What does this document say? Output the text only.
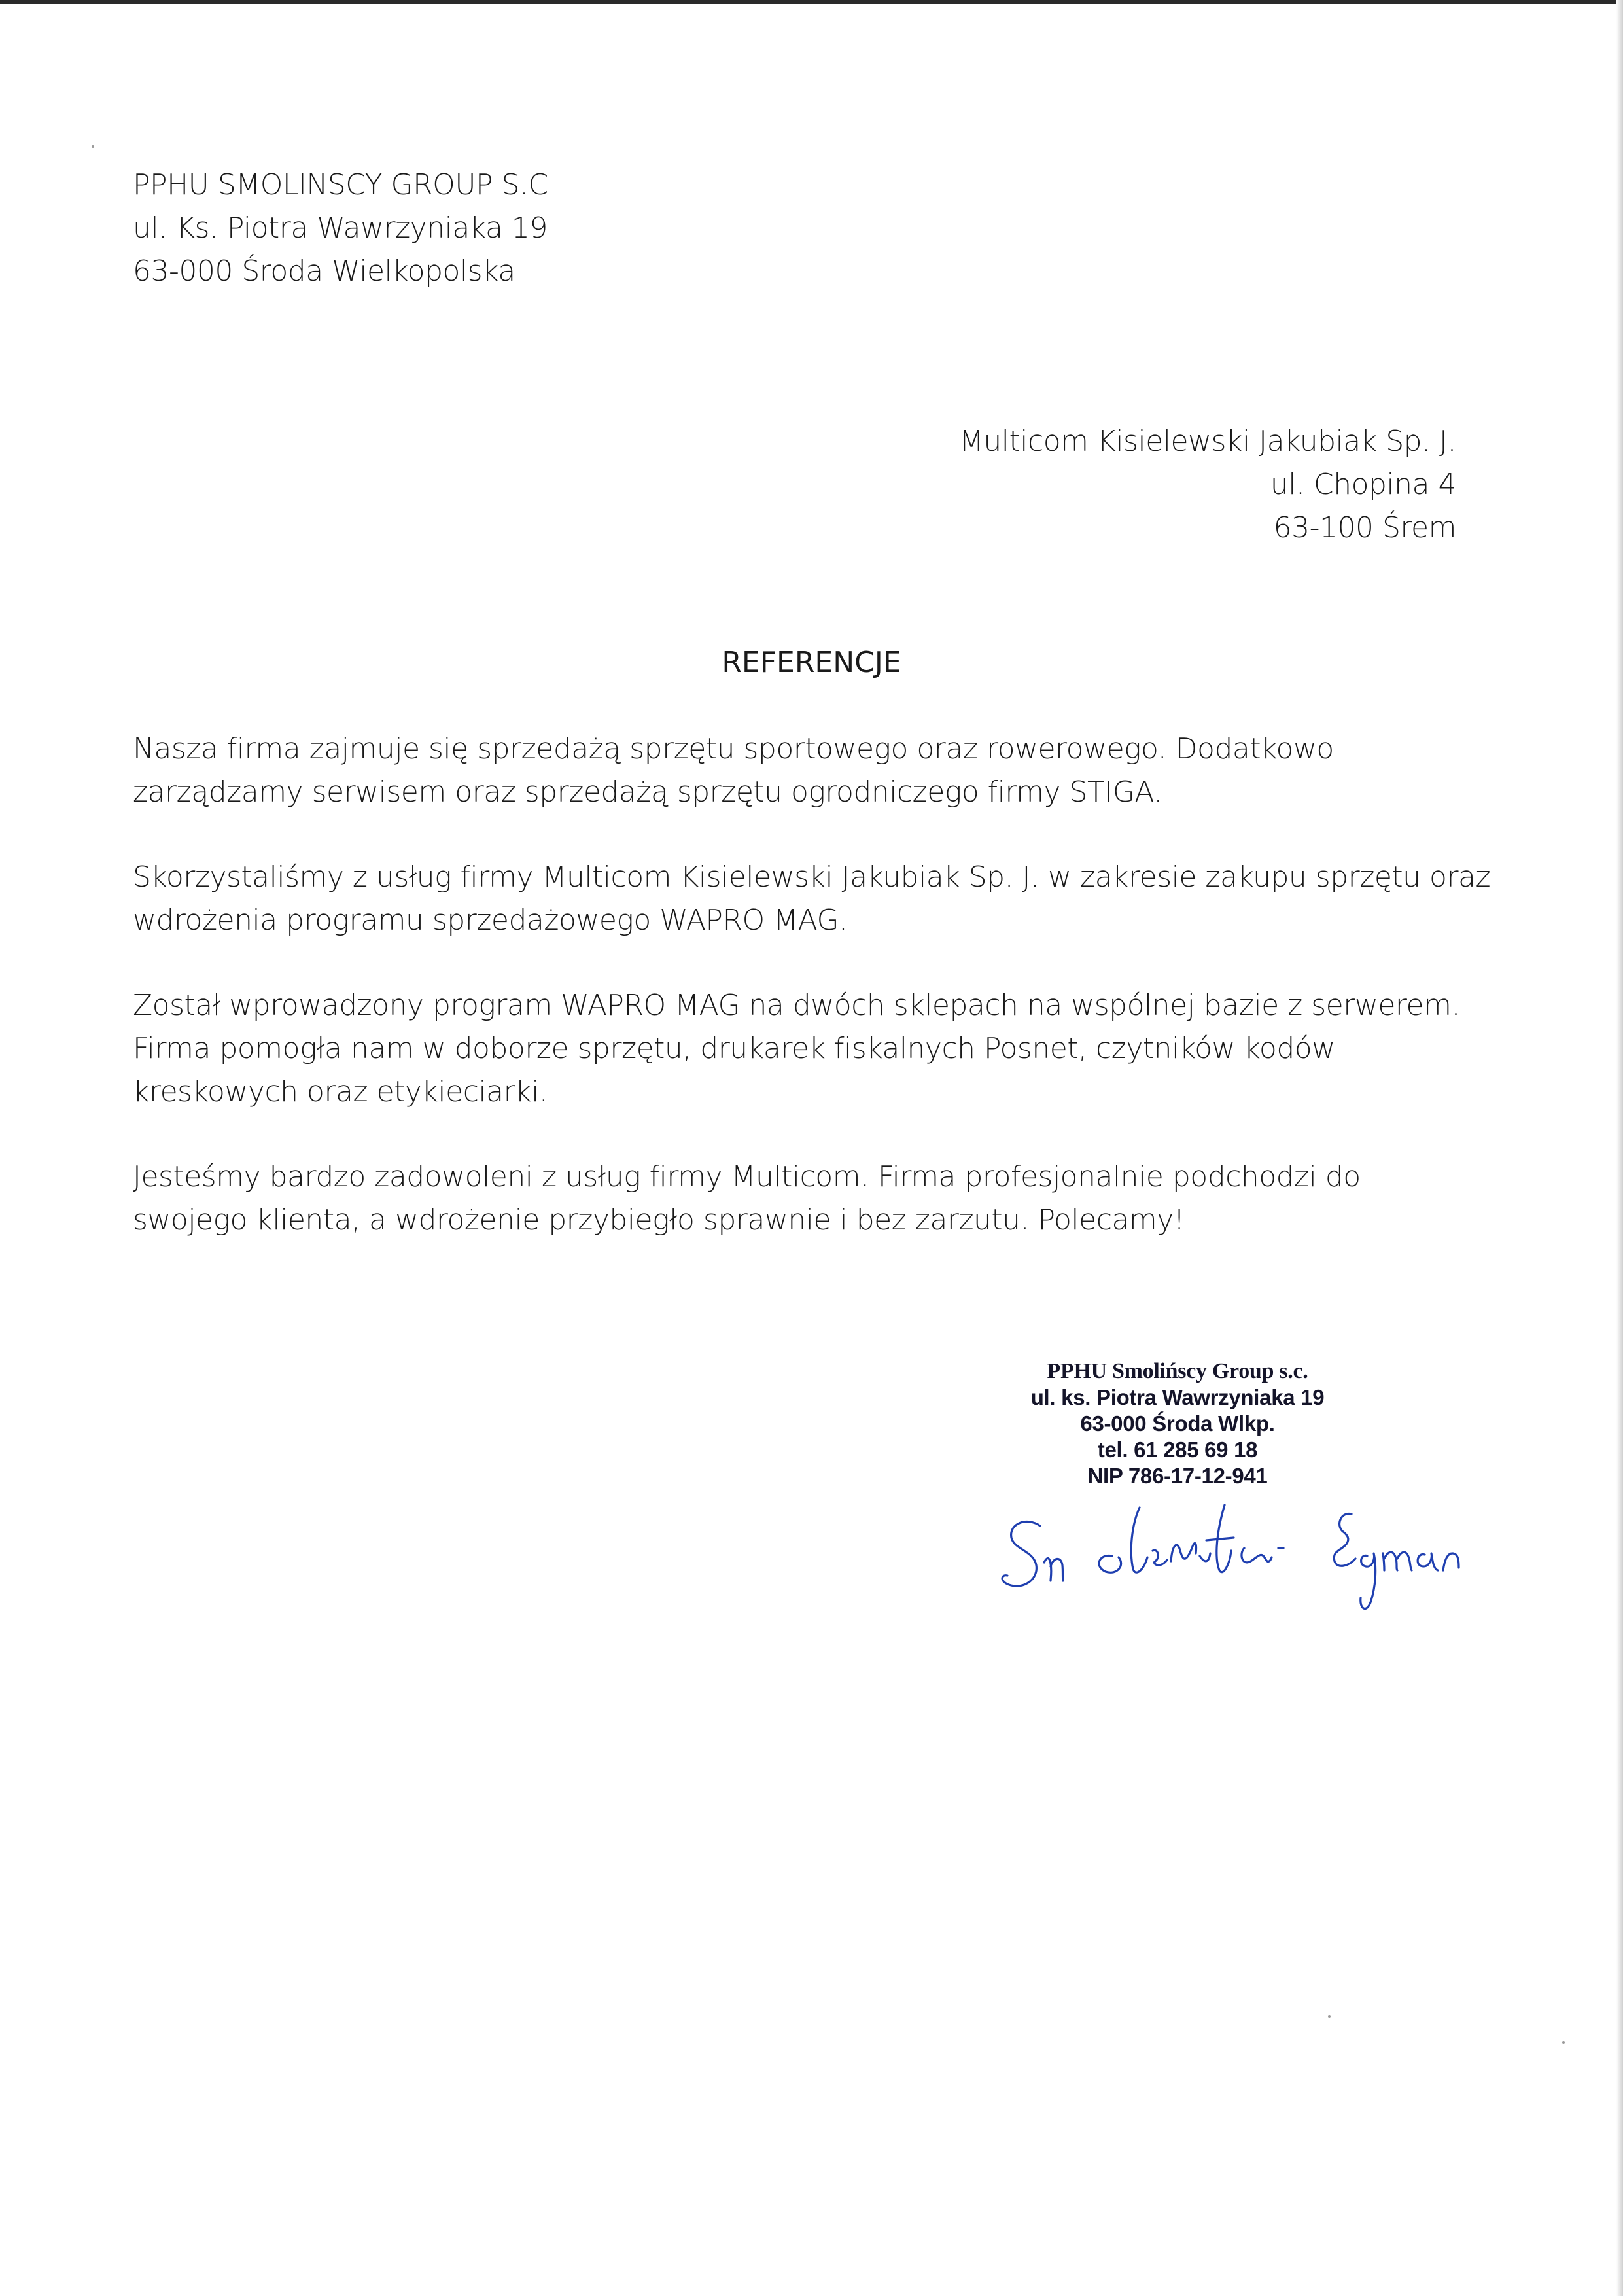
PPHU SMOLINSCY GROUP S.C
ul. Ks. Piotra Wawrzyniaka 19
63-000 Środa Wielkopolska
Multicom Kisielewski Jakubiak Sp. J.
ul. Chopina 4
63-100 Śrem
REFERENCJE
Nasza firma zajmuje się sprzedażą sprzętu sportowego oraz rowerowego. Dodatkowo
zarządzamy serwisem oraz sprzedażą sprzętu ogrodniczego firmy STIGA.
Skorzystaliśmy z usług firmy Multicom Kisielewski Jakubiak Sp. J. w zakresie zakupu sprzętu oraz
wdrożenia programu sprzedażowego WAPRO MAG.
Został wprowadzony program WAPRO MAG na dwóch sklepach na wspólnej bazie z serwerem.
Firma pomogła nam w doborze sprzętu, drukarek fiskalnych Posnet, czytników kodów
kreskowych oraz etykieciarki.
Jesteśmy bardzo zadowoleni z usług firmy Multicom. Firma profesjonalnie podchodzi do
swojego klienta, a wdrożenie przybiegło sprawnie i bez zarzutu. Polecamy!
PPHU Smolińscy Group s.c.
ul. ks. Piotra Wawrzyniaka 19
63-000 Środa Wlkp.
tel. 61 285 69 18
NIP 786-17-12-941
